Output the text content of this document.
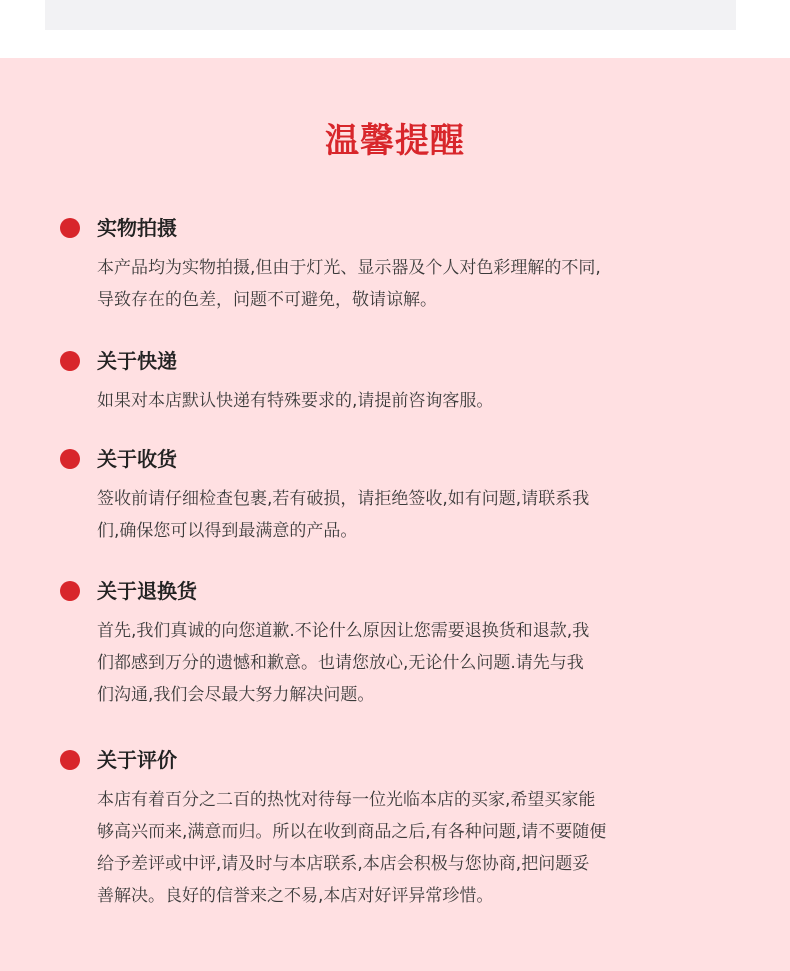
温馨提醒
实物拍摄
本产品均为实物拍摄,但由于灯光、显示器及个人对色彩理解的不同,
导致存在的色差，问题不可避免，敬请谅解。
关于快递
如果对本店默认快递有特殊要求的,请提前咨询客服。
关于收货
签收前请仔细检查包裹,若有破损，请拒绝签收,如有问题,请联系我
们,确保您可以得到最满意的产品。
关于退换货
首先,我们真诚的向您道歉.不论什么原因让您需要退换货和退款,我
们都感到万分的遗憾和歉意。也请您放心,无论什么问题.请先与我
们沟通,我们会尽最大努力解决问题。
关于评价
本店有着百分之二百的热忱对待每一位光临本店的买家,希望买家能
够高兴而来,满意而归。所以在收到商品之后,有各种问题,请不要随便
给予差评或中评,请及时与本店联系,本店会积极与您协商,把问题妥
善解决。良好的信誉来之不易,本店对好评异常珍惜。
